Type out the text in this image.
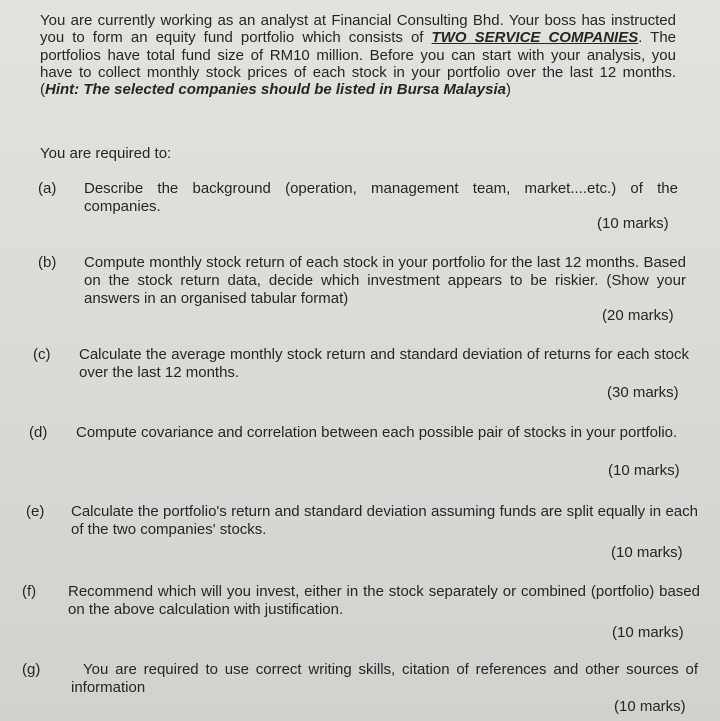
You are currently working as an analyst at Financial Consulting Bhd. Your boss has instructed you to form an equity fund portfolio which consists of TWO SERVICE COMPANIES. The portfolios have total fund size of RM10 million. Before you can start with your analysis, you have to collect monthly stock prices of each stock in your portfolio over the last 12 months. (Hint: The selected companies should be listed in Bursa Malaysia)
You are required to:
(a) Describe the background (operation, management team, market....etc.) of the companies.
(10 marks)
(b) Compute monthly stock return of each stock in your portfolio for the last 12 months. Based on the stock return data, decide which investment appears to be riskier. (Show your answers in an organised tabular format)
(20 marks)
(c) Calculate the average monthly stock return and standard deviation of returns for each stock over the last 12 months.
(30 marks)
(d) Compute covariance and correlation between each possible pair of stocks in your portfolio.
(10 marks)
(e) Calculate the portfolio's return and standard deviation assuming funds are split equally in each of the two companies' stocks.
(10 marks)
(f) Recommend which will you invest, either in the stock separately or combined (portfolio) based on the above calculation with justification.
(10 marks)
(g)	You are required to use correct writing skills, citation of references and other sources of information
(10 marks)
